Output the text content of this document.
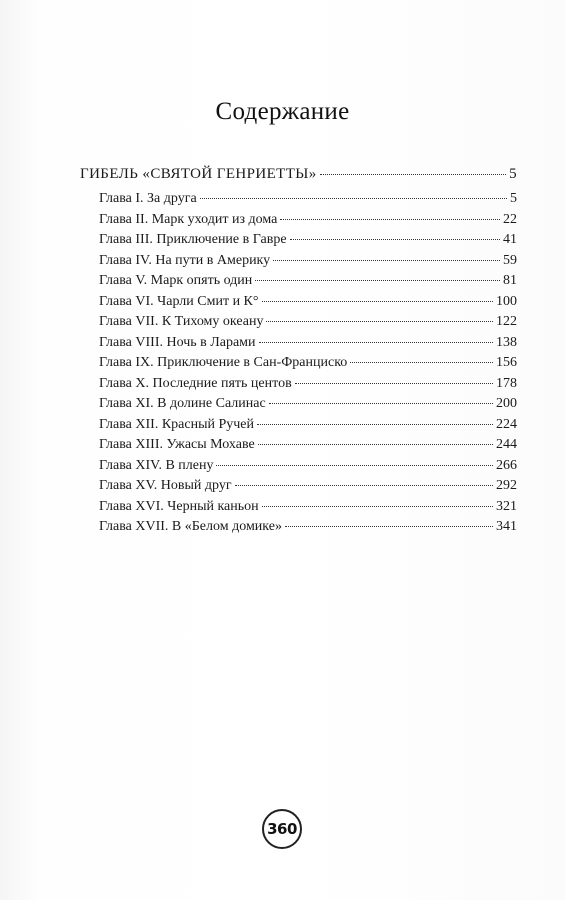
Содержание
ГИБЕЛЬ «СВЯТОЙ ГЕНРИЕТТЫ»	5
Глава I. За друга	5
Глава II. Марк уходит из дома	22
Глава III. Приключение в Гавре	41
Глава IV. На пути в Америку	59
Глава V. Марк опять один	81
Глава VI. Чарли Смит и К°	100
Глава VII. К Тихому океану	122
Глава VIII. Ночь в Ларами	138
Глава IX. Приключение в Сан-Франциско	156
Глава X. Последние пять центов	178
Глава XI. В долине Салинас	200
Глава XII. Красный Ручей	224
Глава XIII. Ужасы Мохаве	244
Глава XIV. В плену	266
Глава XV. Новый друг	292
Глава XVI. Черный каньон	321
Глава XVII. В «Белом домике»	341
360
